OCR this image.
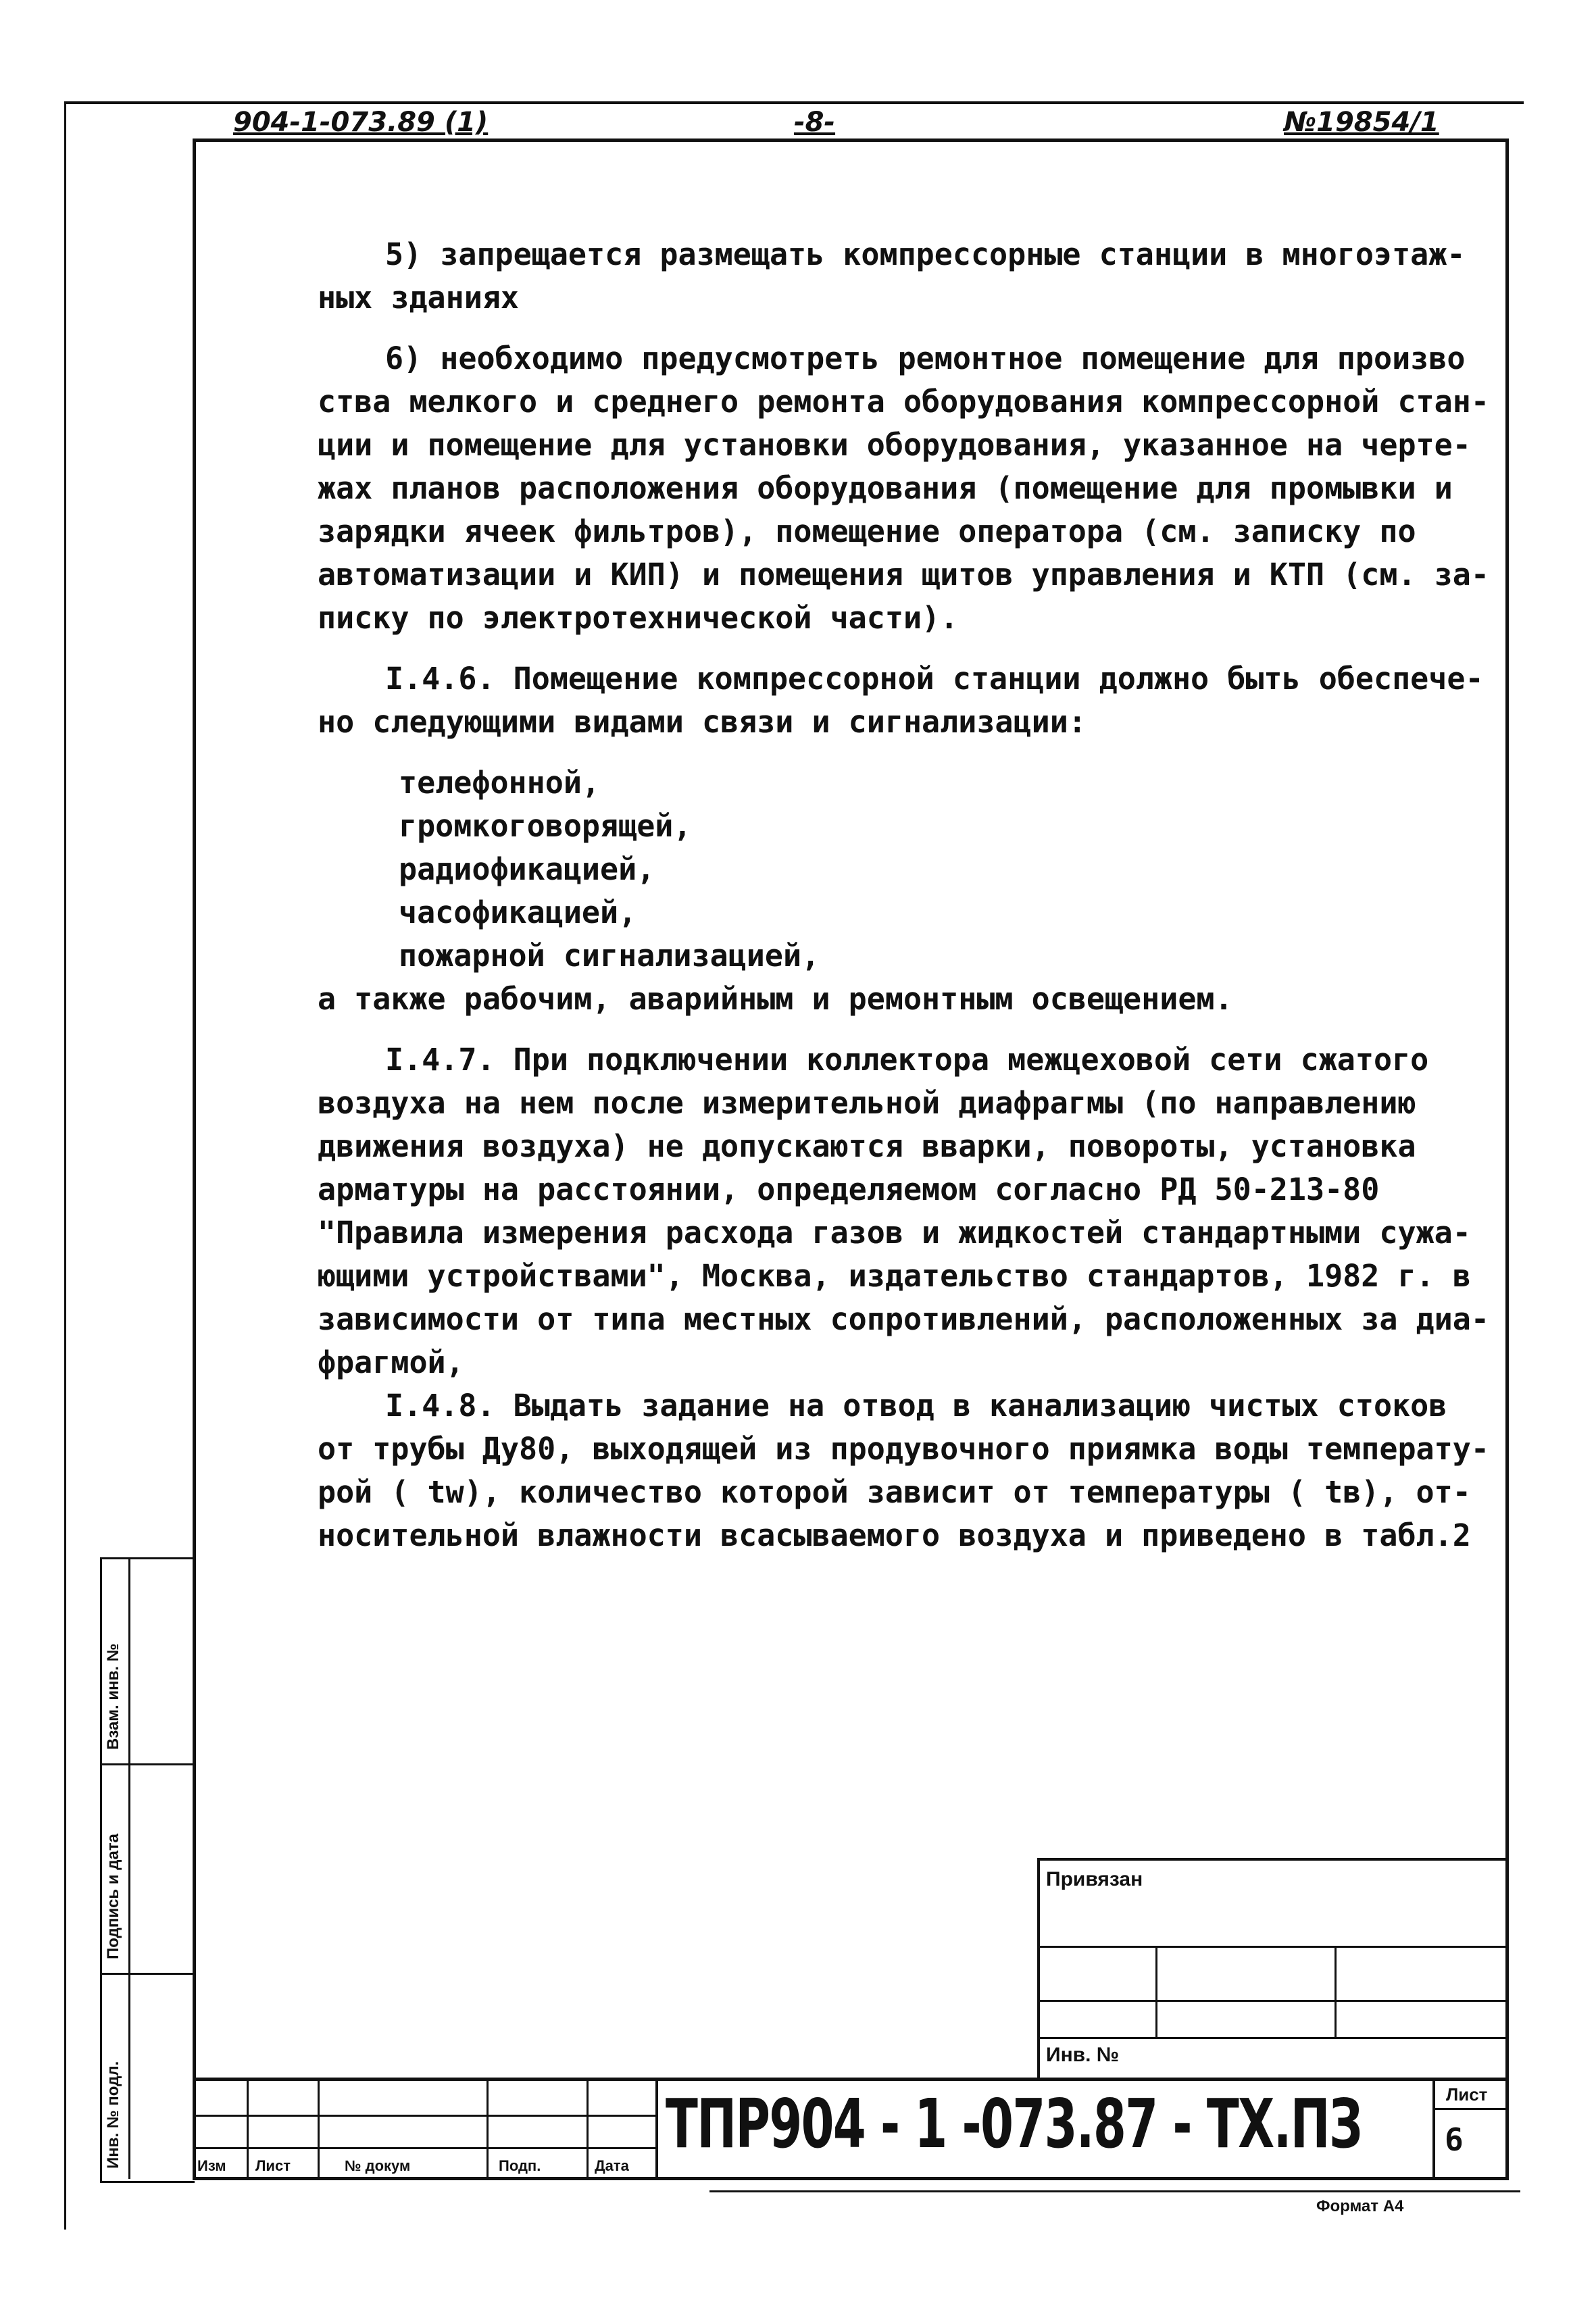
904-1-073.89 (1)	-8-	№19854/1

5) запрещается размещать компрессорные станции в многоэтаж-

ных зданиях

6) необходимо предусмотреть ремонтное помещение для произво

ства мелкого и среднего ремонта оборудования компрессорной стан-

ции и помещение для установки оборудования, указанное на черте-

жах планов расположения оборудования (помещение для промывки и

зарядки ячеек фильтров), помещение оператора (см. записку по

автоматизации и КИП) и помещения щитов управления и КТП (см. за-

писку по электротехнической части).

I.4.6. Помещение компрессорной станции должно быть обеспече-

но следующими видами связи и сигнализации:

телефонной,

громкоговорящей,

радиофикацией,

часофикацией,

пожарной сигнализацией,

а также рабочим, аварийным и ремонтным освещением.

I.4.7. При подключении коллектора межцеховой сети сжатого

воздуха на нем после измерительной диафрагмы (по направлению

движения воздуха) не допускаются вварки, повороты, установка

арматуры на расстоянии, определяемом согласно РД 50-213-80

"Правила измерения расхода газов и жидкостей стандартными сужа-

ющими устройствами", Москва, издательство стандартов, 1982 г. в

зависимости от типа местных сопротивлений, расположенных за диа-

фрагмой,

I.4.8. Выдать задание на отвод в канализацию чистых стоков

от трубы Ду80, выходящей из продувочного приямка воды температу-

рой ( tw), количество которой зависит от температуры ( tв), от-

носительной влажности всасываемого воздуха и приведено в табл.2

Взам. инв. №
Подпись и дата
Инв. № подл.
Привязан
Инв. №
Изм Лист	№ докум	Подп.	Дата
ТПР904 - 1 -073.87 - ТХ.ПЗ	Лист
6
Формат А4
